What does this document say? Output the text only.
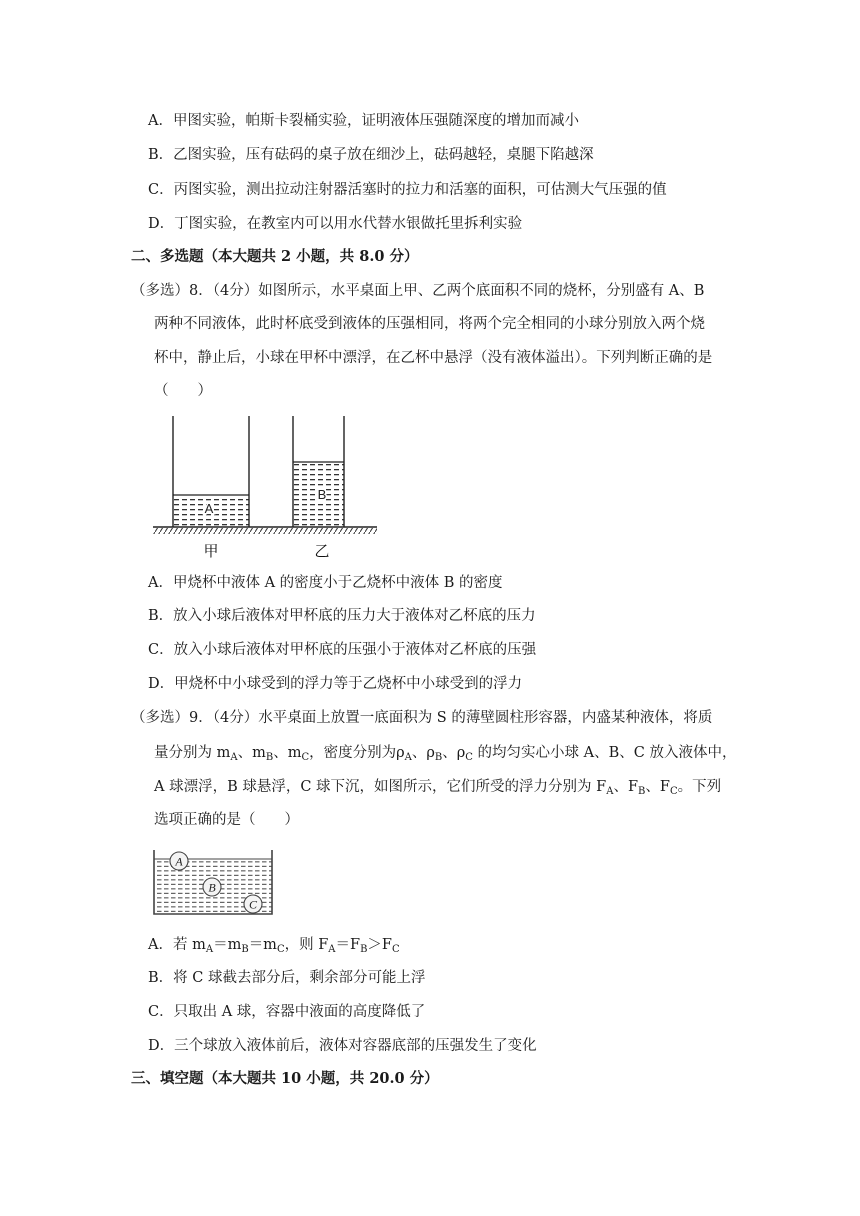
A．甲图实验，帕斯卡裂桶实验，证明液体压强随深度的增加而减小
B．乙图实验，压有砝码的桌子放在细沙上，砝码越轻，桌腿下陷越深
C．丙图实验，测出拉动注射器活塞时的拉力和活塞的面积，可估测大气压强的值
D．丁图实验，在教室内可以用水代替水银做托里拆利实验
二、多选题（本大题共 2 小题，共 8.0 分）
（多选）8．（4分）如图所示，水平桌面上甲、乙两个底面积不同的烧杯，分别盛有 A、B
两种不同液体，此时杯底受到液体的压强相同，将两个完全相同的小球分别放入两个烧
杯中，静止后，小球在甲杯中漂浮，在乙杯中悬浮（没有液体溢出）。下列判断正确的是
（　　）
A
B
甲	乙
A．甲烧杯中液体 A 的密度小于乙烧杯中液体 B 的密度
B．放入小球后液体对甲杯底的压力大于液体对乙杯底的压力
C．放入小球后液体对甲杯底的压强小于液体对乙杯底的压强
D．甲烧杯中小球受到的浮力等于乙烧杯中小球受到的浮力
（多选）9．（4分）水平桌面上放置一底面积为 S 的薄壁圆柱形容器，内盛某种液体，将质
量分别为 $m_A$、$m_B$、$m_C$，密度分别为$\rho_A$、$\rho_B$、$\rho_C$ 的均匀实心小球 A、B、C 放入液体中，
A 球漂浮，B 球悬浮，C 球下沉，如图所示，它们所受的浮力分别为 $F_A$、$F_B$、$F_C$。下列
选项正确的是（　　）
A
B
C
A．若 $m_A=m_B=m_C$，则 $F_A=F_B>F_C$
B．将 C 球截去部分后，剩余部分可能上浮
C．只取出 A 球，容器中液面的高度降低了
D．三个球放入液体前后，液体对容器底部的压强发生了变化
三、填空题（本大题共 10 小题，共 20.0 分）
